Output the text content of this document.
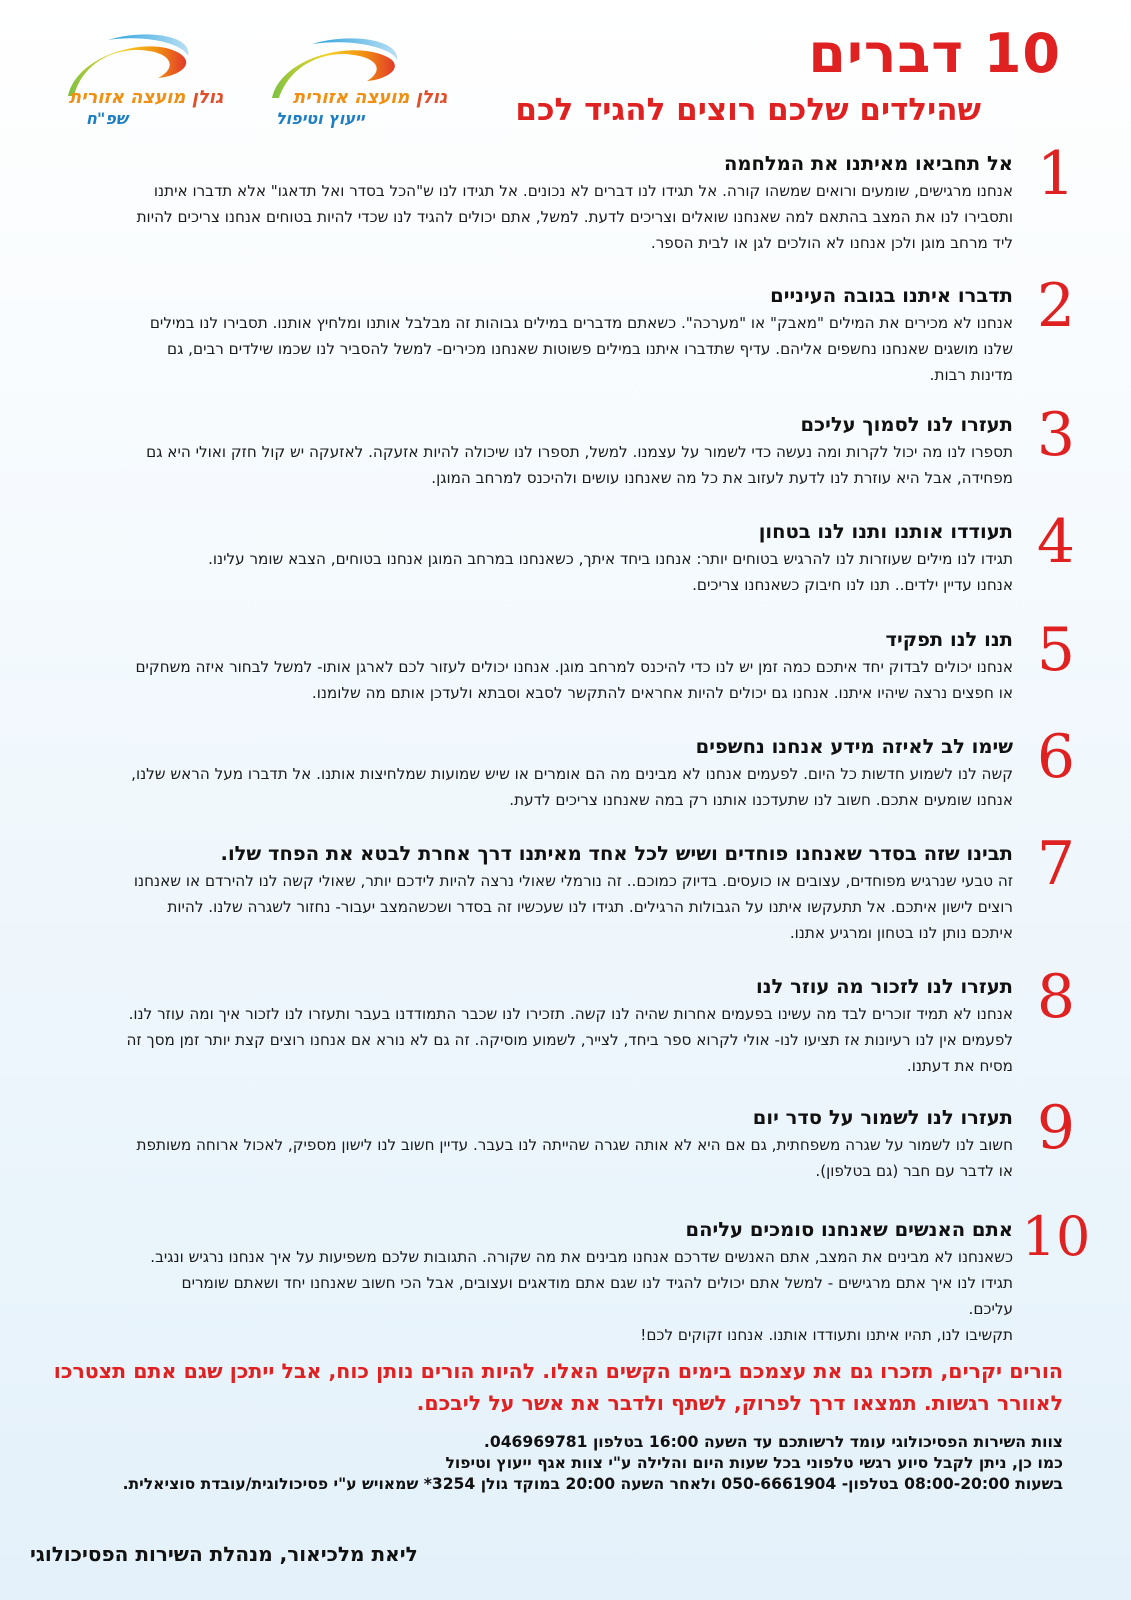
10 דברים
שהילדים שלכם רוצים להגיד לכם
גולן מועצה אזורית
שפ"ח
גולן מועצה אזורית
ייעוץ וטיפול
1
אל תחביאו מאיתנו את המלחמה
אנחנו מרגישים, שומעים ורואים שמשהו קורה. אל תגידו לנו דברים לא נכונים. אל תגידו לנו ש"הכל בסדר ואל תדאגו" אלא תדברו איתנו
ותסבירו לנו את המצב בהתאם למה שאנחנו שואלים וצריכים לדעת. למשל, אתם יכולים להגיד לנו שכדי להיות בטוחים אנחנו צריכים להיות
ליד מרחב מוגן ולכן אנחנו לא הולכים לגן או לבית הספר.
2
תדברו איתנו בגובה העיניים
אנחנו לא מכירים את המילים "מאבק" או "מערכה". כשאתם מדברים במילים גבוהות זה מבלבל אותנו ומלחיץ אותנו. תסבירו לנו במילים
שלנו מושגים שאנחנו נחשפים אליהם. עדיף שתדברו איתנו במילים פשוטות שאנחנו מכירים- למשל להסביר לנו שכמו שילדים רבים, גם
מדינות רבות.
3
תעזרו לנו לסמוך עליכם
תספרו לנו מה יכול לקרות ומה נעשה כדי לשמור על עצמנו. למשל, תספרו לנו שיכולה להיות אזעקה. לאזעקה יש קול חזק ואולי היא גם
מפחידה, אבל היא עוזרת לנו לדעת לעזוב את כל מה שאנחנו עושים ולהיכנס למרחב המוגן.
4
תעודדו אותנו ותנו לנו בטחון
תגידו לנו מילים שעוזרות לנו להרגיש בטוחים יותר: אנחנו ביחד איתך, כשאנחנו במרחב המוגן אנחנו בטוחים, הצבא שומר עלינו.
אנחנו עדיין ילדים.. תנו לנו חיבוק כשאנחנו צריכים.
5
תנו לנו תפקיד
אנחנו יכולים לבדוק יחד איתכם כמה זמן יש לנו כדי להיכנס למרחב מוגן. אנחנו יכולים לעזור לכם לארגן אותו- למשל לבחור איזה משחקים
או חפצים נרצה שיהיו איתנו. אנחנו גם יכולים להיות אחראים להתקשר לסבא וסבתא ולעדכן אותם מה שלומנו.
6
שימו לב לאיזה מידע אנחנו נחשפים
קשה לנו לשמוע חדשות כל היום. לפעמים אנחנו לא מבינים מה הם אומרים או שיש שמועות שמלחיצות אותנו. אל תדברו מעל הראש שלנו,
אנחנו שומעים אתכם. חשוב לנו שתעדכנו אותנו רק במה שאנחנו צריכים לדעת.
7
תבינו שזה בסדר שאנחנו פוחדים ושיש לכל אחד מאיתנו דרך אחרת לבטא את הפחד שלו.
זה טבעי שנרגיש מפוחדים, עצובים או כועסים. בדיוק כמוכם.. זה נורמלי שאולי נרצה להיות לידכם יותר, שאולי קשה לנו להירדם או שאנחנו
רוצים לישון איתכם. אל תתעקשו איתנו על הגבולות הרגילים. תגידו לנו שעכשיו זה בסדר ושכשהמצב יעבור- נחזור לשגרה שלנו. להיות
איתכם נותן לנו בטחון ומרגיע אתנו.
8
תעזרו לנו לזכור מה עוזר לנו
אנחנו לא תמיד זוכרים לבד מה עשינו בפעמים אחרות שהיה לנו קשה. תזכירו לנו שכבר התמודדנו בעבר ותעזרו לנו לזכור איך ומה עוזר לנו.
לפעמים אין לנו רעיונות אז תציעו לנו- אולי לקרוא ספר ביחד, לצייר, לשמוע מוסיקה. זה גם לא נורא אם אנחנו רוצים קצת יותר זמן מסך זה
מסיח את דעתנו.
9
תעזרו לנו לשמור על סדר יום
חשוב לנו לשמור על שגרה משפחתית, גם אם היא לא אותה שגרה שהייתה לנו בעבר. עדיין חשוב לנו לישון מספיק, לאכול ארוחה משותפת
או לדבר עם חבר (גם בטלפון).
10
אתם האנשים שאנחנו סומכים עליהם
כשאנחנו לא מבינים את המצב, אתם האנשים שדרכם אנחנו מבינים את מה שקורה. התגובות שלכם משפיעות על איך אנחנו נרגיש ונגיב.
תגידו לנו איך אתם מרגישים - למשל אתם יכולים להגיד לנו שגם אתם מודאגים ועצובים, אבל הכי חשוב שאנחנו יחד ושאתם שומרים
עליכם.
תקשיבו לנו, תהיו איתנו ותעודדו אותנו. אנחנו זקוקים לכם!
הורים יקרים, תזכרו גם את עצמכם בימים הקשים האלו. להיות הורים נותן כוח, אבל ייתכן שגם אתם תצטרכו
לאוורר רגשות. תמצאו דרך לפרוק, לשתף ולדבר את אשר על ליבכם.
צוות השירות הפסיכולוגי עומד לרשותכם עד השעה 16:00 בטלפון 046969781.
כמו כן, ניתן לקבל סיוע רגשי טלפוני בכל שעות היום והלילה ע"י צוות אגף ייעוץ וטיפול
בשעות 08:00-20:00 בטלפון- 050-6661904 ולאחר השעה 20:00 במוקד גולן 3254* שמאויש ע"י פסיכולוגית/עובדת סוציאלית.
ליאת מלכיאור, מנהלת השירות הפסיכולוגי
